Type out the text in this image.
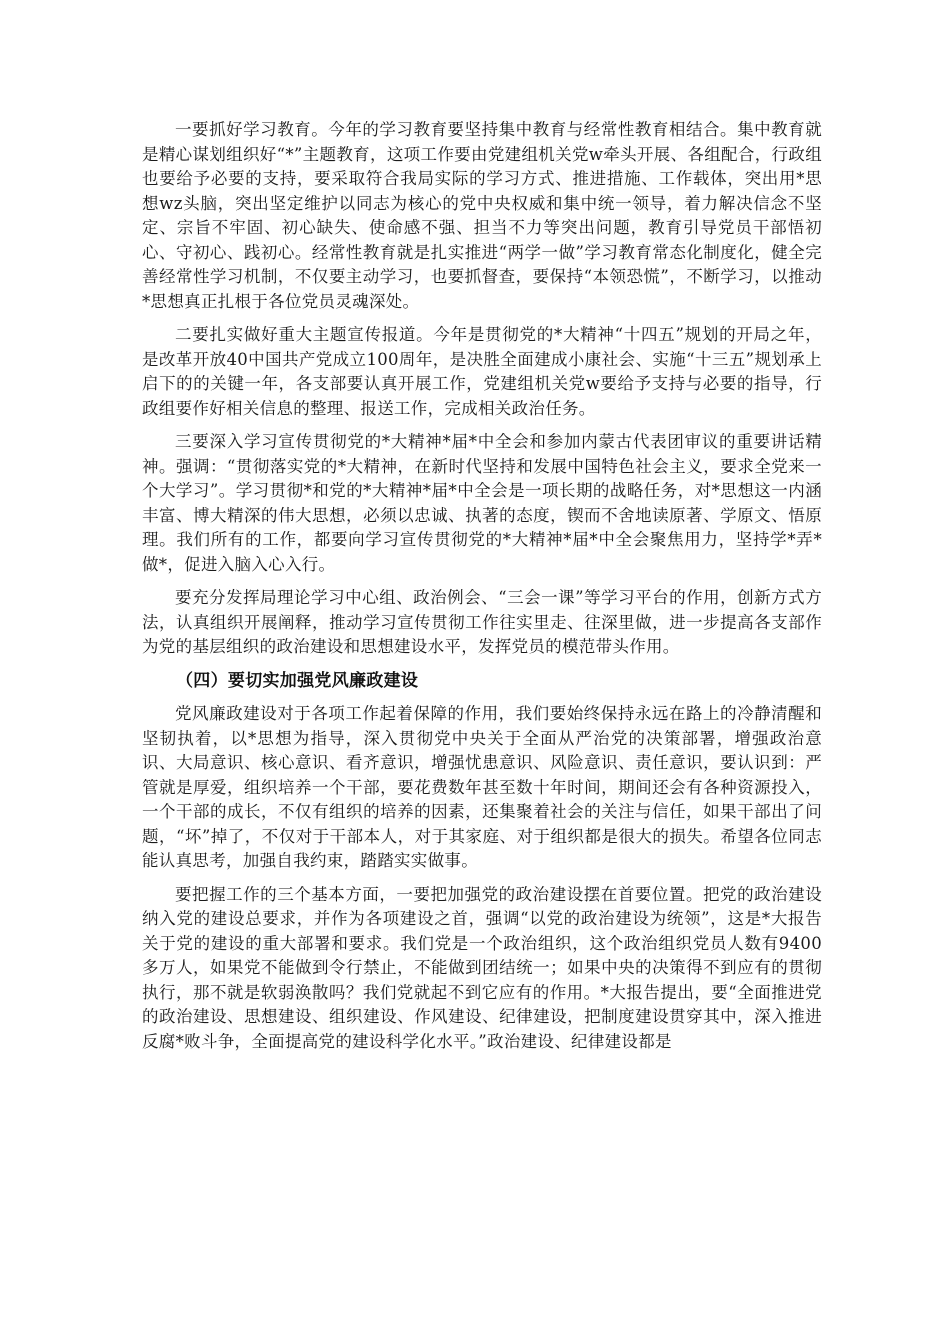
一要抓好学习教育。今年的学习教育要坚持集中教育与经常性教育相结合。集中教育就是精心谋划组织好“*”主题教育，这项工作要由党建组机关党w牵头开展、各组配合，行政组也要给予必要的支持，要采取符合我局实际的学习方式、推进措施、工作载体，突出用*思想wz头脑，突出坚定维护以同志为核心的党中央权威和集中统一领导，着力解决信念不坚定、宗旨不牢固、初心缺失、使命感不强、担当不力等突出问题，教育引导党员干部悟初心、守初心、践初心。经常性教育就是扎实推进“两学一做”学习教育常态化制度化，健全完善经常性学习机制，不仅要主动学习，也要抓督查，要保持“本领恐慌”，不断学习，以推动*思想真正扎根于各位党员灵魂深处。

二要扎实做好重大主题宣传报道。今年是贯彻党的*大精神“十四五”规划的开局之年，是改革开放40中国共产党成立100周年，是决胜全面建成小康社会、实施“十三五”规划承上启下的的关键一年，各支部要认真开展工作，党建组机关党w要给予支持与必要的指导，行政组要作好相关信息的整理、报送工作，完成相关政治任务。

三要深入学习宣传贯彻党的*大精神*届*中全会和参加内蒙古代表团审议的重要讲话精神。强调：“贯彻落实党的*大精神，在新时代坚持和发展中国特色社会主义，要求全党来一个大学习”。学习贯彻*和党的*大精神*届*中全会是一项长期的战略任务，对*思想这一内涵丰富、博大精深的伟大思想，必须以忠诚、执著的态度，锲而不舍地读原著、学原文、悟原理。我们所有的工作，都要向学习宣传贯彻党的*大精神*届*中全会聚焦用力，坚持学*弄*做*，促进入脑入心入行。

要充分发挥局理论学习中心组、政治例会、“三会一课”等学习平台的作用，创新方式方法，认真组织开展阐释，推动学习宣传贯彻工作往实里走、往深里做，进一步提高各支部作为党的基层组织的政治建设和思想建设水平，发挥党员的模范带头作用。

（四）要切实加强党风廉政建设

党风廉政建设对于各项工作起着保障的作用，我们要始终保持永远在路上的冷静清醒和坚韧执着，以*思想为指导，深入贯彻党中央关于全面从严治党的决策部署，增强政治意识、大局意识、核心意识、看齐意识，增强忧患意识、风险意识、责任意识，要认识到：严管就是厚爱，组织培养一个干部，要花费数年甚至数十年时间，期间还会有各种资源投入，一个干部的成长，不仅有组织的培养的因素，还集聚着社会的关注与信任，如果干部出了问题，“坏”掉了，不仅对于干部本人，对于其家庭、对于组织都是很大的损失。希望各位同志能认真思考，加强自我约束，踏踏实实做事。

要把握工作的三个基本方面，一要把加强党的政治建设摆在首要位置。把党的政治建设纳入党的建设总要求，并作为各项建设之首，强调“以党的政治建设为统领”，这是*大报告关于党的建设的重大部署和要求。我们党是一个政治组织，这个政治组织党员人数有9400多万人，如果党不能做到令行禁止，不能做到团结统一；如果中央的决策得不到应有的贯彻执行，那不就是软弱涣散吗？我们党就起不到它应有的作用。*大报告提出，要“全面推进党的政治建设、思想建设、组织建设、作风建设、纪律建设，把制度建设贯穿其中，深入推进反腐*败斗争，全面提高党的建设科学化水平。”政治建设、纪律建设都是
